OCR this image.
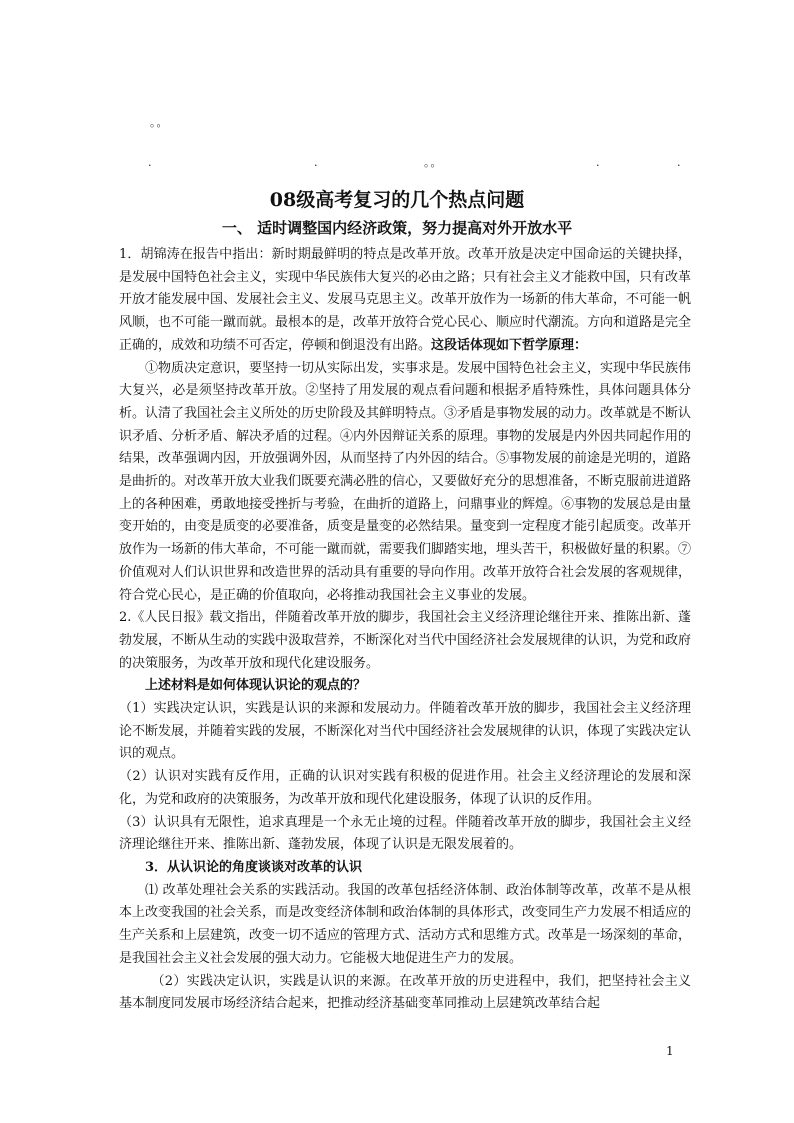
。。
.	.	。。	.	.
08级高考复习的几个热点问题
一、 适时调整国内经济政策，努力提高对外开放水平

1．胡锦涛在报告中指出：新时期最鲜明的特点是改革开放。改革开放是决定中国命运的关键抉择，是发展中国特色社会主义，实现中华民族伟大复兴的必由之路；只有社会主义才能救中国，只有改革开放才能发展中国、发展社会主义、发展马克思主义。改革开放作为一场新的伟大革命，不可能一帆风顺，也不可能一蹴而就。最根本的是，改革开放符合党心民心、顺应时代潮流。方向和道路是完全正确的，成效和功绩不可否定，停顿和倒退没有出路。这段话体现如下哲学原理：

①物质决定意识，要坚持一切从实际出发，实事求是。发展中国特色社会主义，实现中华民族伟大复兴，必是须坚持改革开放。②坚持了用发展的观点看问题和根据矛盾特殊性，具体问题具体分析。认清了我国社会主义所处的历史阶段及其鲜明特点。③矛盾是事物发展的动力。改革就是不断认识矛盾、分析矛盾、解决矛盾的过程。④内外因辩证关系的原理。事物的发展是内外因共同起作用的结果，改革强调内因，开放强调外因，从而坚持了内外因的结合。⑤事物发展的前途是光明的，道路是曲折的。对改革开放大业我们既要充满必胜的信心，又要做好充分的思想准备，不断克服前进道路上的各种困难，勇敢地接受挫折与考验，在曲折的道路上，问鼎事业的辉煌。⑥事物的发展总是由量变开始的，由变是质变的必要准备，质变是量变的必然结果。量变到一定程度才能引起质变。改革开放作为一场新的伟大革命，不可能一蹴而就，需要我们脚踏实地，埋头苦干，积极做好量的积累。⑦价值观对人们认识世界和改造世界的活动具有重要的导向作用。改革开放符合社会发展的客观规律，符合党心民心，是正确的价值取向，必将推动我国社会主义事业的发展。

2.《人民日报》载文指出，伴随着改革开放的脚步，我国社会主义经济理论继往开来、推陈出新、蓬勃发展，不断从生动的实践中汲取营养，不断深化对当代中国经济社会发展规律的认识，为党和政府的决策服务，为改革开放和现代化建设服务。

上述材料是如何体现认识论的观点的？

（1）实践决定认识，实践是认识的来源和发展动力。伴随着改革开放的脚步，我国社会主义经济理论不断发展，并随着实践的发展，不断深化对当代中国经济社会发展规律的认识，体现了实践决定认识的观点。

（2）认识对实践有反作用，正确的认识对实践有积极的促进作用。社会主义经济理论的发展和深化，为党和政府的决策服务，为改革开放和现代化建设服务，体现了认识的反作用。

（3）认识具有无限性，追求真理是一个永无止境的过程。伴随着改革开放的脚步，我国社会主义经济理论继往开来、推陈出新、蓬勃发展，体现了认识是无限发展着的。

3．从认识论的角度谈谈对改革的认识

⑴ 改革处理社会关系的实践活动。我国的改革包括经济体制、政治体制等改革，改革不是从根本上改变我国的社会关系，而是改变经济体制和政治体制的具体形式，改变同生产力发展不相适应的生产关系和上层建筑，改变一切不适应的管理方式、活动方式和思维方式。改革是一场深刻的革命，是我国社会主义社会发展的强大动力。它能极大地促进生产力的发展。

（2）实践决定认识，实践是认识的来源。在改革开放的历史进程中，我们，把坚持社会主义基本制度同发展市场经济结合起来，把推动经济基础变革同推动上层建筑改革结合起

1
